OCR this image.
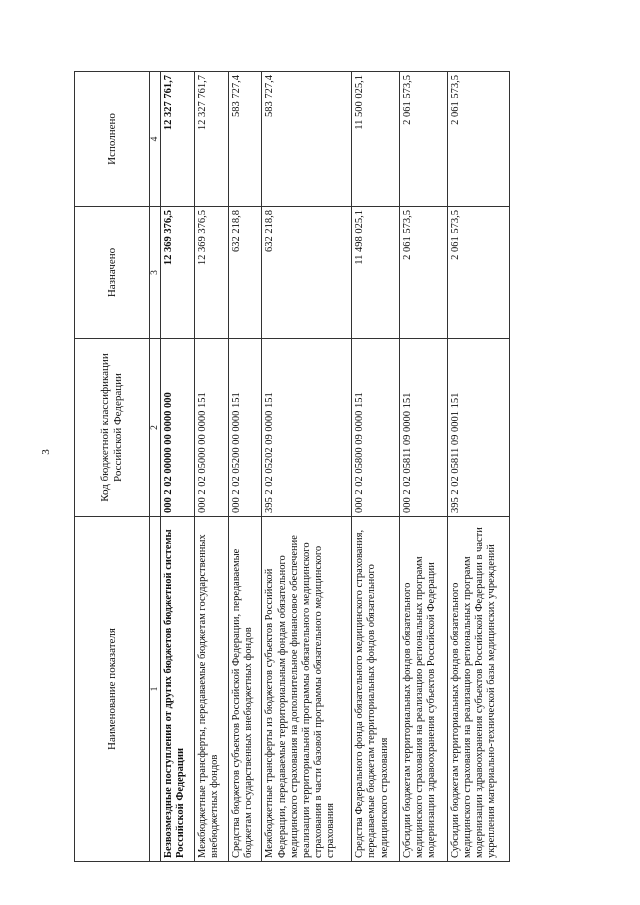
3
Наименование показателя	Код бюджетной классификации Российской Федерации	Назначено	Исполнено
1	2	3	4
Безвозмездные поступления от других бюджетов бюджетной системы Российской Федерации	000 2 02 00000 00 0000 000	12 369 376,5	12 327 761,7
Межбюджетные трансферты, передаваемые бюджетам государственных внебюджетных фондов	000 2 02 05000 00 0000 151	12 369 376,5	12 327 761,7
Средства бюджетов субъектов Российской Федерации, передаваемые бюджетам государственных внебюджетных фондов	000 2 02 05200 00 0000 151	632 218,8	583 727,4
Межбюджетные трансферты из бюджетов субъектов Российской Федерации, передаваемые территориальным фондам обязательного медицинского страхования на дополнительное финансовое обеспечение реализации территориальной программы обязательного медицинского страхования в части базовой программы обязательного медицинского страхования	395 2 02 05202 09 0000 151	632 218,8	583 727,4
Средства Федерального фонда обязательного медицинского страхования, передаваемые бюджетам территориальных фондов обязательного медицинского страхования	000 2 02 05800 09 0000 151	11 498 025,1	11 500 025,1
Субсидии бюджетам территориальных фондов обязательного медицинского страхования на реализацию региональных программ модернизации здравоохранения субъектов Российской Федерации	000 2 02 05811 09 0000 151	2 061 573,5	2 061 573,5
Субсидии бюджетам территориальных фондов обязательного медицинского страхования на реализацию региональных программ модернизации здравоохранения субъектов Российской Федерации в части укрепления материально-технической базы медицинских учреждений	395 2 02 05811 09 0001 151	2 061 573,5	2 061 573,5
